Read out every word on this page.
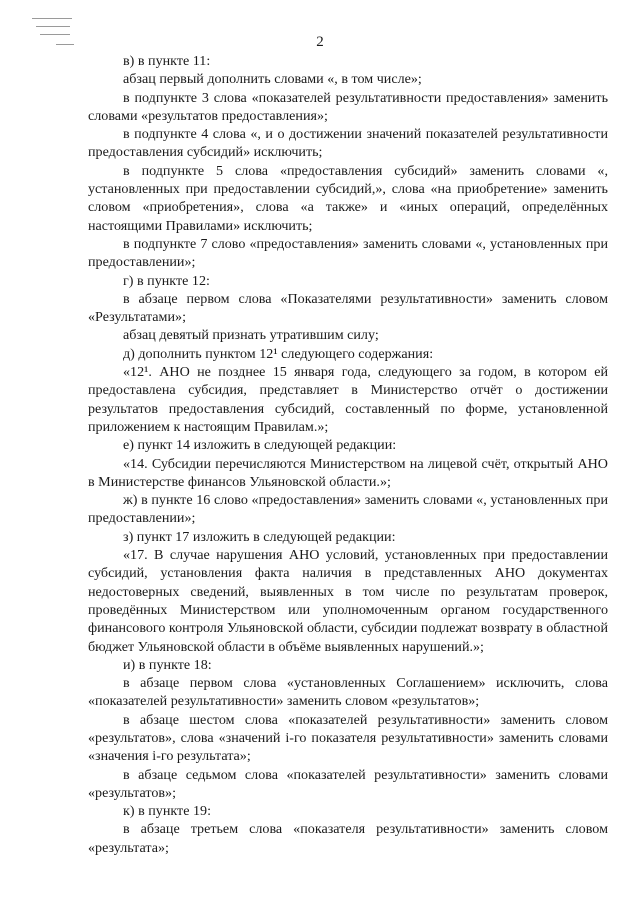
2

в) в пункте 11:

абзац первый дополнить словами «, в том числе»;

в подпункте 3 слова «показателей результативности предоставления» заменить словами «результатов предоставления»;

в подпункте 4 слова «, и о достижении значений показателей результативности предоставления субсидий» исключить;

в подпункте 5 слова «предоставления субсидий» заменить словами «, установленных при предоставлении субсидий,», слова «на приобретение» заменить словом «приобретения», слова «а также» и «иных операций, определённых настоящими Правилами» исключить;

в подпункте 7 слово «предоставления» заменить словами «, установленных при предоставлении»;

г) в пункте 12:

в абзаце первом слова «Показателями результативности» заменить словом «Результатами»;

абзац девятый признать утратившим силу;

д) дополнить пунктом 12¹ следующего содержания:

«12¹. АНО не позднее 15 января года, следующего за годом, в котором ей предоставлена субсидия, представляет в Министерство отчёт о достижении результатов предоставления субсидий, составленный по форме, установленной приложением к настоящим Правилам.»;

е) пункт 14 изложить в следующей редакции:

«14. Субсидии перечисляются Министерством на лицевой счёт, открытый АНО в Министерстве финансов Ульяновской области.»;

ж) в пункте 16 слово «предоставления» заменить словами «, установленных при предоставлении»;

з) пункт 17 изложить в следующей редакции:

«17. В случае нарушения АНО условий, установленных при предоставлении субсидий, установления факта наличия в представленных АНО документах недостоверных сведений, выявленных в том числе по результатам проверок, проведённых Министерством или уполномоченным органом государственного финансового контроля Ульяновской области, субсидии подлежат возврату в областной бюджет Ульяновской области в объёме выявленных нарушений.»;

и) в пункте 18:

в абзаце первом слова «установленных Соглашением» исключить, слова «показателей результативности» заменить словом «результатов»;

в абзаце шестом слова «показателей результативности» заменить словом «результатов», слова «значений i-го показателя результативности» заменить словами «значения i-го результата»;

в абзаце седьмом слова «показателей результативности» заменить словами «результатов»;

к) в пункте 19:

в абзаце третьем слова «показателя результативности» заменить словом «результата»;
